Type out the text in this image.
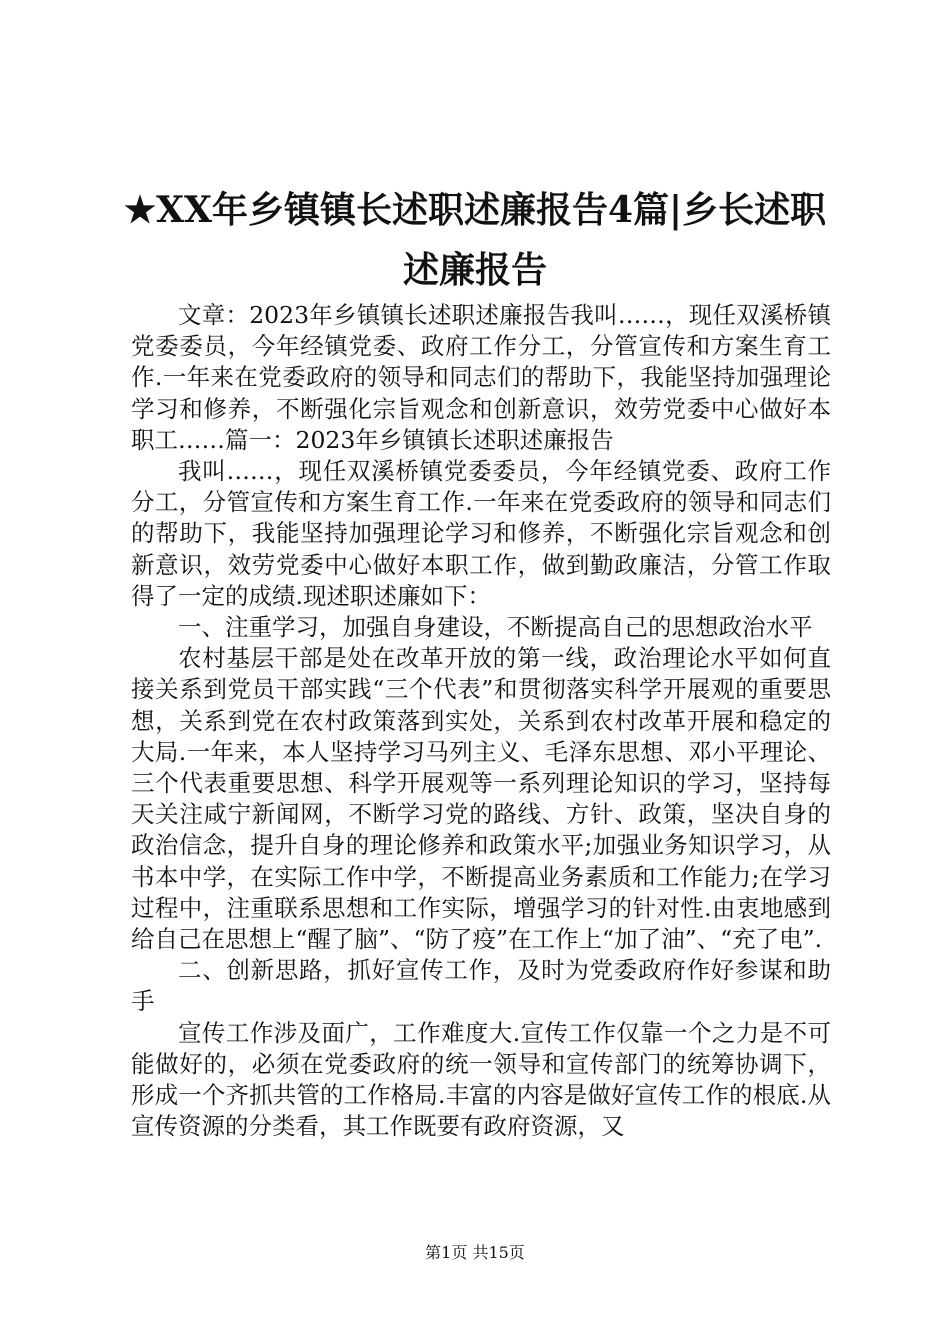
★XX年乡镇镇长述职述廉报告4篇|乡长述职述廉报告

文章：2023年乡镇镇长述职述廉报告我叫……，现任双溪桥镇党委委员，今年经镇党委、政府工作分工，分管宣传和方案生育工作.一年来在党委政府的领导和同志们的帮助下，我能坚持加强理论学习和修养，不断强化宗旨观念和创新意识，效劳党委中心做好本职工……篇一：2023年乡镇镇长述职述廉报告

我叫……，现任双溪桥镇党委委员，今年经镇党委、政府工作分工，分管宣传和方案生育工作.一年来在党委政府的领导和同志们的帮助下，我能坚持加强理论学习和修养，不断强化宗旨观念和创新意识，效劳党委中心做好本职工作，做到勤政廉洁，分管工作取得了一定的成绩.现述职述廉如下：

一、注重学习，加强自身建设，不断提高自己的思想政治水平

农村基层干部是处在改革开放的第一线，政治理论水平如何直接关系到党员干部实践“三个代表”和贯彻落实科学开展观的重要思想，关系到党在农村政策落到实处，关系到农村改革开展和稳定的大局.一年来，本人坚持学习马列主义、毛泽东思想、邓小平理论、三个代表重要思想、科学开展观等一系列理论知识的学习，坚持每天关注咸宁新闻网，不断学习党的路线、方针、政策，坚决自身的政治信念，提升自身的理论修养和政策水平;加强业务知识学习，从书本中学，在实际工作中学，不断提高业务素质和工作能力;在学习过程中，注重联系思想和工作实际，增强学习的针对性.由衷地感到给自己在思想上“醒了脑”、“防了疫”在工作上“加了油”、“充了电”.

二、创新思路，抓好宣传工作，及时为党委政府作好参谋和助手

宣传工作涉及面广，工作难度大.宣传工作仅靠一个之力是不可能做好的，必须在党委政府的统一领导和宣传部门的统筹协调下，形成一个齐抓共管的工作格局.丰富的内容是做好宣传工作的根底.从宣传资源的分类看，其工作既要有政府资源，又

第1页 共15页
